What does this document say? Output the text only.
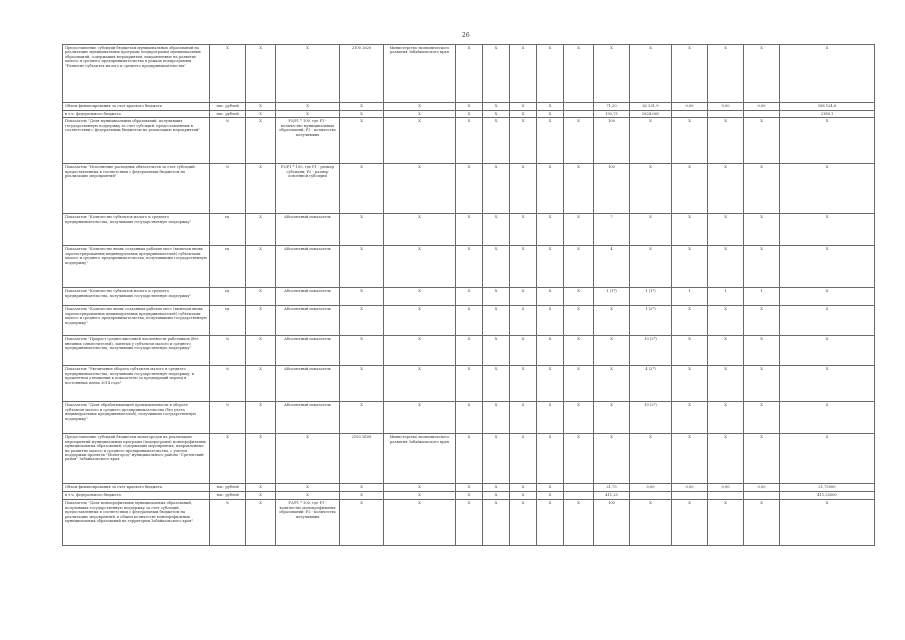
26
Предоставление субсидий бюджетам муниципальных образований на реализацию муниципальных программ (подпрограмм) муниципальных образований, содержащих мероприятия, направленные на развитие малого и среднего предпринимательства в рамках подпрограммы "Развитие субъектов малого и среднего предпринимательства"	Х	Х	Х	2100 2620	Министерство экономического развития Забайкальского края	Х	Х	Х	Х	Х	Х	Х	Х	Х	Х	Х
Объем финансирования за счет краевого бюджета	тыс. рублей	Х	Х	Х	Х	Х	Х	Х	Х		71,20	82 531,9	0,00	0,00	0,00	188 124,8
в т.ч. федерального бюджета	тыс. рублей	Х	Х	Х	Х	Х	Х	Х	Х		193,75	1624,065				2188,1
Показатель "Доля муниципальных образований, получивших государственную поддержку за счет субсидий, предоставленных в соответствии с федеральным бюджетом на реализацию мероприятий"	%	Х	Р2/Р1 * 100, где Р1 - количество муниципальных образований; Р2 - количество получивших	Х	Х	Х	Х	Х	Х	Х	100	Х	Х	Х	Х	Х
Показатель "Исполнение расходных обязательств за счет субсидий, предоставленных в соответствии с федеральным бюджетом на реализацию мероприятий"	%	Х	Р2/Р1 * 100, где Р1 - размер субсидии; Р2 - размер освоенной субсидии	Х	Х	Х	Х	Х	Х	Х	100	Х	Х	Х	Х	Х
Показатель "Количество субъектов малого и среднего предпринимательства, получивших государственную поддержку"	ед.	Х	Абсолютный показатель	Х	Х	Х	Х	Х	Х	Х	7	Х	Х	Х	Х	Х
Показатель "Количество вновь созданных рабочих мест (включая вновь зарегистрированных индивидуальных предпринимателей) субъектами малого и среднего предпринимательства, получившими государственную поддержку"	ед.	Х	Абсолютный показатель	Х	Х	Х	Х	Х	Х	Х	4	Х	Х	Х	Х	Х
Показатель "Количество субъектов малого и среднего предпринимательства, получивших государственную поддержку"	ед.	Х	Абсолютный показатель	Х	Х	Х	Х	Х	Х	Х	1 (1*)	1 (1*)	1	1	1	Х
Показатель "Количество вновь созданных рабочих мест (включая вновь зарегистрированных индивидуальных предпринимателей) субъектами малого и среднего предпринимательства, получившими государственную поддержку"	ед.	Х	Абсолютный показатель	Х	Х	Х	Х	Х	Х	Х	Х	1 (2*)	Х	Х	Х	Х
Показатель "Прирост среднесписочной численности работников (без внешних совместителей), занятых у субъектов малого и среднего предпринимательства, получивших государственную поддержку"	%	Х	Абсолютный показатель	Х	Х	Х	Х	Х	Х	Х	Х	10 (2*)	Х	Х	Х	Х
Показатель "Увеличение оборота субъектов малого и среднего предпринимательства, получивших государственную поддержку, в процентном отношении к показателю за предыдущий период в постоянных ценах 2014 года"	%	Х	Абсолютный показатель	Х	Х	Х	Х	Х	Х	Х	Х	4 (2*)	Х	Х	Х	Х
Показатель "Доля обрабатывающей промышленности в обороте субъектов малого и среднего предпринимательства (без учета индивидуальных предпринимателей), получивших государственную поддержку"	%	Х	Абсолютный показатель	Х	Х	Х	Х	Х	Х	Х	Х	10 (2*)	Х	Х	Х	Х
Предоставление субсидий бюджетам моногородов на реализацию мероприятий муниципальных программ (подпрограмм) монопрофильных муниципальных образований, содержащих мероприятия, направленные на развитие малого и среднего предпринимательства, с учетом поддержки проектов "Моногород" муниципального района "Сретенский район" Забайкальского края	Х	Х	Х	2100 2Б08	Министерство экономического развития Забайкальского края	Х	Х	Х	Х	Х	Х	Х	Х	Х	Х	Х
Объем финансирования за счет краевого бюджета	тыс. рублей	Х	Х	Х	Х	Х	Х	Х	Х		21,75	0,00	0,00	0,00	0,00	21,75000
в т.ч. федерального бюджета	тыс. рублей	Х	Х	Х	Х	Х	Х	Х	Х		411,25					411,25000
Показатель "Доля монопрофильных муниципальных образований, получивших государственную поддержку за счет субсидий, предоставленных в соответствии с федеральным бюджетом на реализацию мероприятий, в общем количестве монопрофильных муниципальных образований на территории Забайкальского края"	%	Х	Р2/Р1 * 100, где Р1 - количество монопрофильных образований; Р2 - количество получивших	Х	Х	Х	Х	Х	Х	Х	100	Х	Х	Х	Х	Х
